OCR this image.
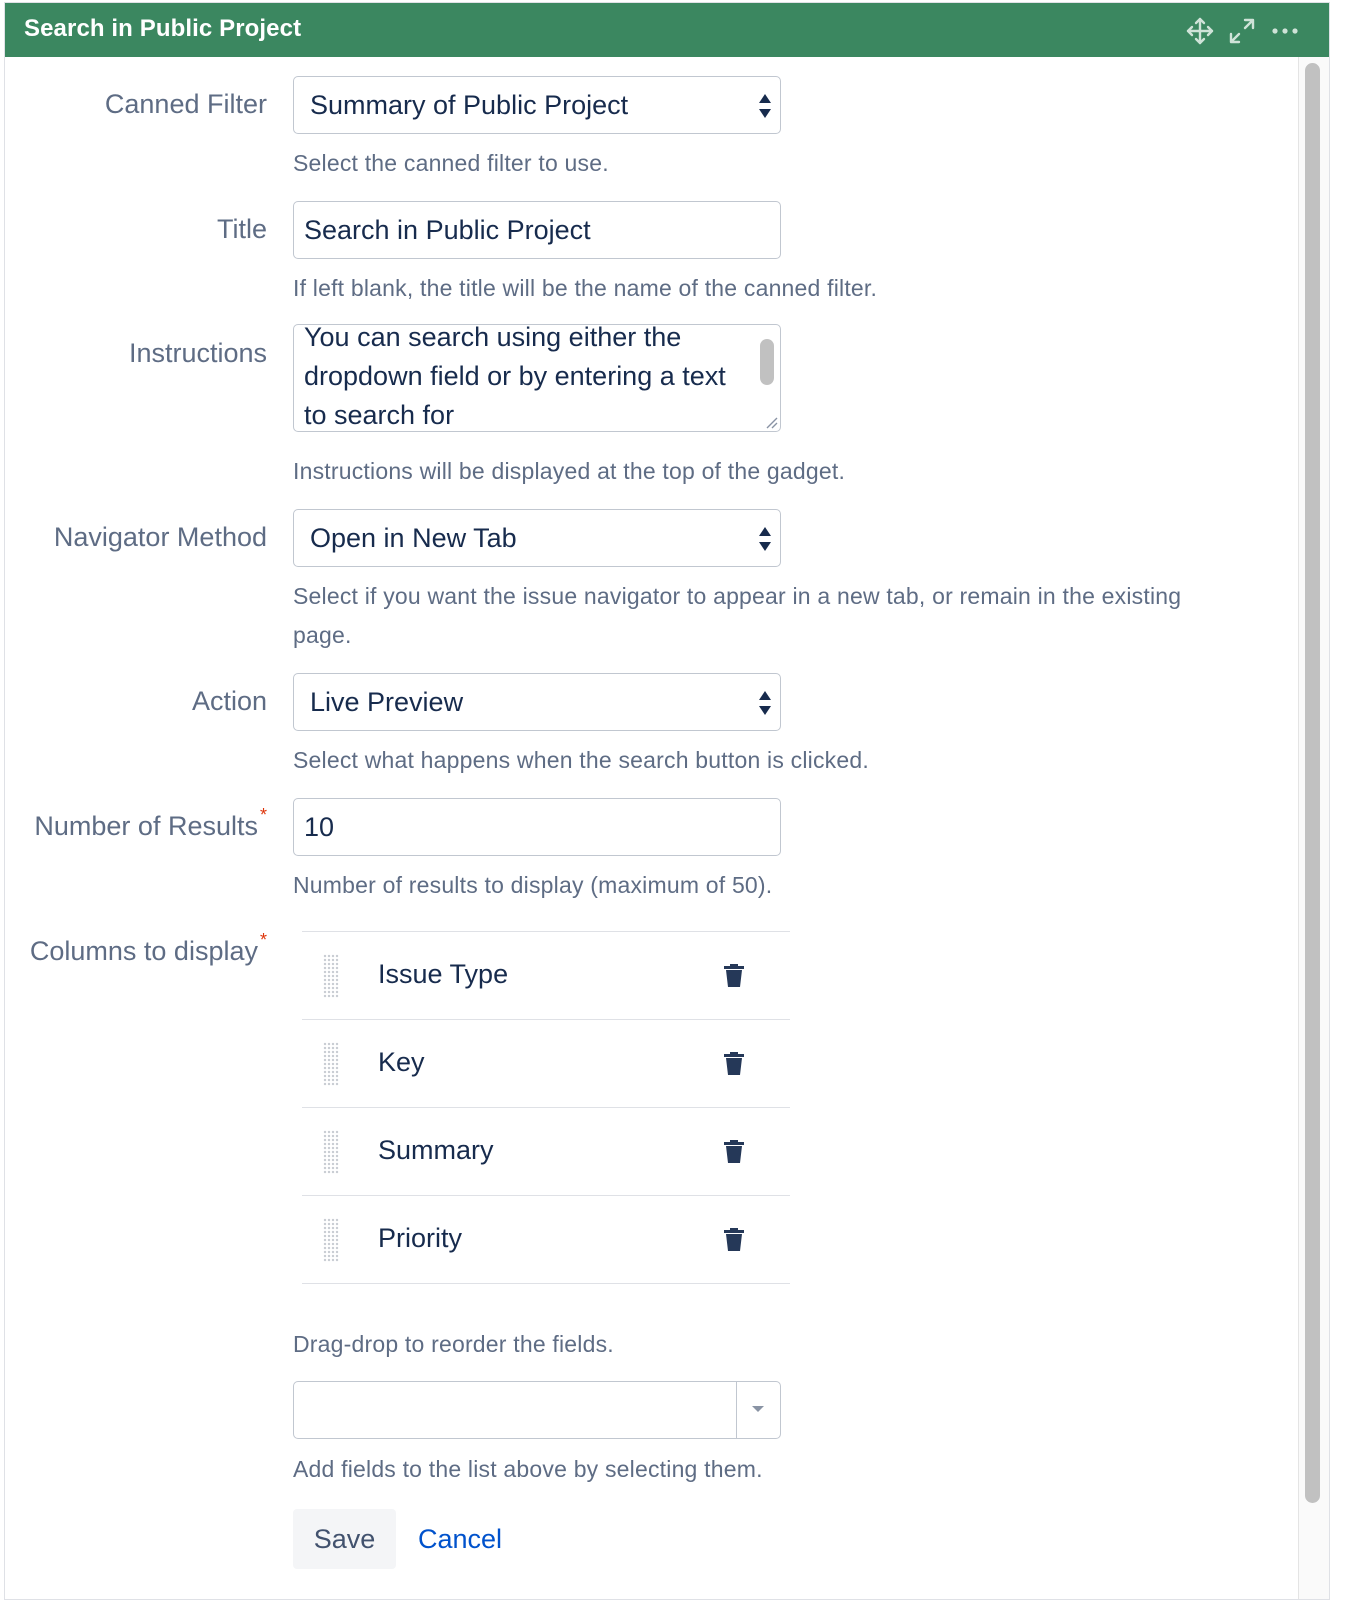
Search in Public Project
Canned Filter Summary of Public Project
Select the canned filter to use.
Title Search in Public Project
If left blank, the title will be the name of the canned filter.
Instructions
You can search using either the dropdown field or by entering a text to search for
Instructions will be displayed at the top of the gadget.
Navigator Method Open in New Tab
Select if you want the issue navigator to appear in a new tab, or remain in the existing
page.
Action Live Preview
Select what happens when the search button is clicked.
Number of Results * 10
Number of results to display (maximum of 50).
Columns to display *
Issue Type
Key
Summary
Priority
Drag-drop to reorder the fields.
Add fields to the list above by selecting them.
Save	Cancel
